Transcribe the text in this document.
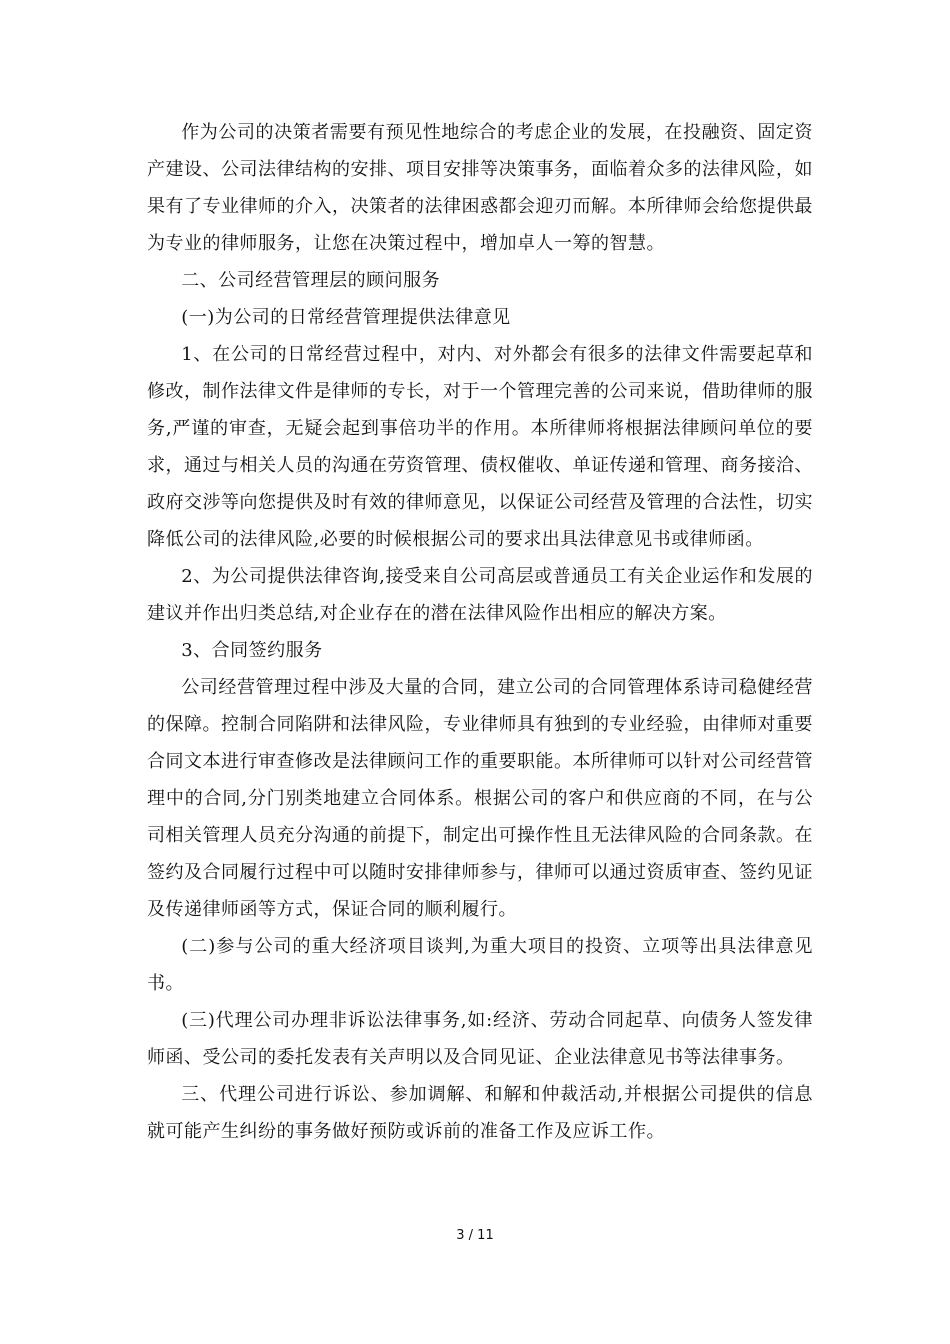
作为公司的决策者需要有预见性地综合的考虑企业的发展，在投融资、固定资产建设、公司法律结构的安排、项目安排等决策事务，面临着众多的法律风险，如果有了专业律师的介入，决策者的法律困惑都会迎刃而解。本所律师会给您提供最为专业的律师服务，让您在决策过程中，增加卓人一筹的智慧。

二、公司经营管理层的顾问服务

(一)为公司的日常经营管理提供法律意见

1、在公司的日常经营过程中，对内、对外都会有很多的法律文件需要起草和修改，制作法律文件是律师的专长，对于一个管理完善的公司来说，借助律师的服务,严谨的审查，无疑会起到事倍功半的作用。本所律师将根据法律顾问单位的要求，通过与相关人员的沟通在劳资管理、债权催收、单证传递和管理、商务接洽、政府交涉等向您提供及时有效的律师意见，以保证公司经营及管理的合法性，切实降低公司的法律风险,必要的时候根据公司的要求出具法律意见书或律师函。

2、为公司提供法律咨询,接受来自公司高层或普通员工有关企业运作和发展的建议并作出归类总结,对企业存在的潜在法律风险作出相应的解决方案。

3、合同签约服务

公司经营管理过程中涉及大量的合同，建立公司的合同管理体系诗司稳健经营的保障。控制合同陷阱和法律风险，专业律师具有独到的专业经验，由律师对重要合同文本进行审查修改是法律顾问工作的重要职能。本所律师可以针对公司经营管理中的合同,分门别类地建立合同体系。根据公司的客户和供应商的不同，在与公司相关管理人员充分沟通的前提下，制定出可操作性且无法律风险的合同条款。在签约及合同履行过程中可以随时安排律师参与，律师可以通过资质审查、签约见证及传递律师函等方式，保证合同的顺利履行。

(二)参与公司的重大经济项目谈判,为重大项目的投资、立项等出具法律意见书。

(三)代理公司办理非诉讼法律事务,如:经济、劳动合同起草、向债务人签发律师函、受公司的委托发表有关声明以及合同见证、企业法律意见书等法律事务。

三、代理公司进行诉讼、参加调解、和解和仲裁活动,并根据公司提供的信息就可能产生纠纷的事务做好预防或诉前的准备工作及应诉工作。

3 / 11
